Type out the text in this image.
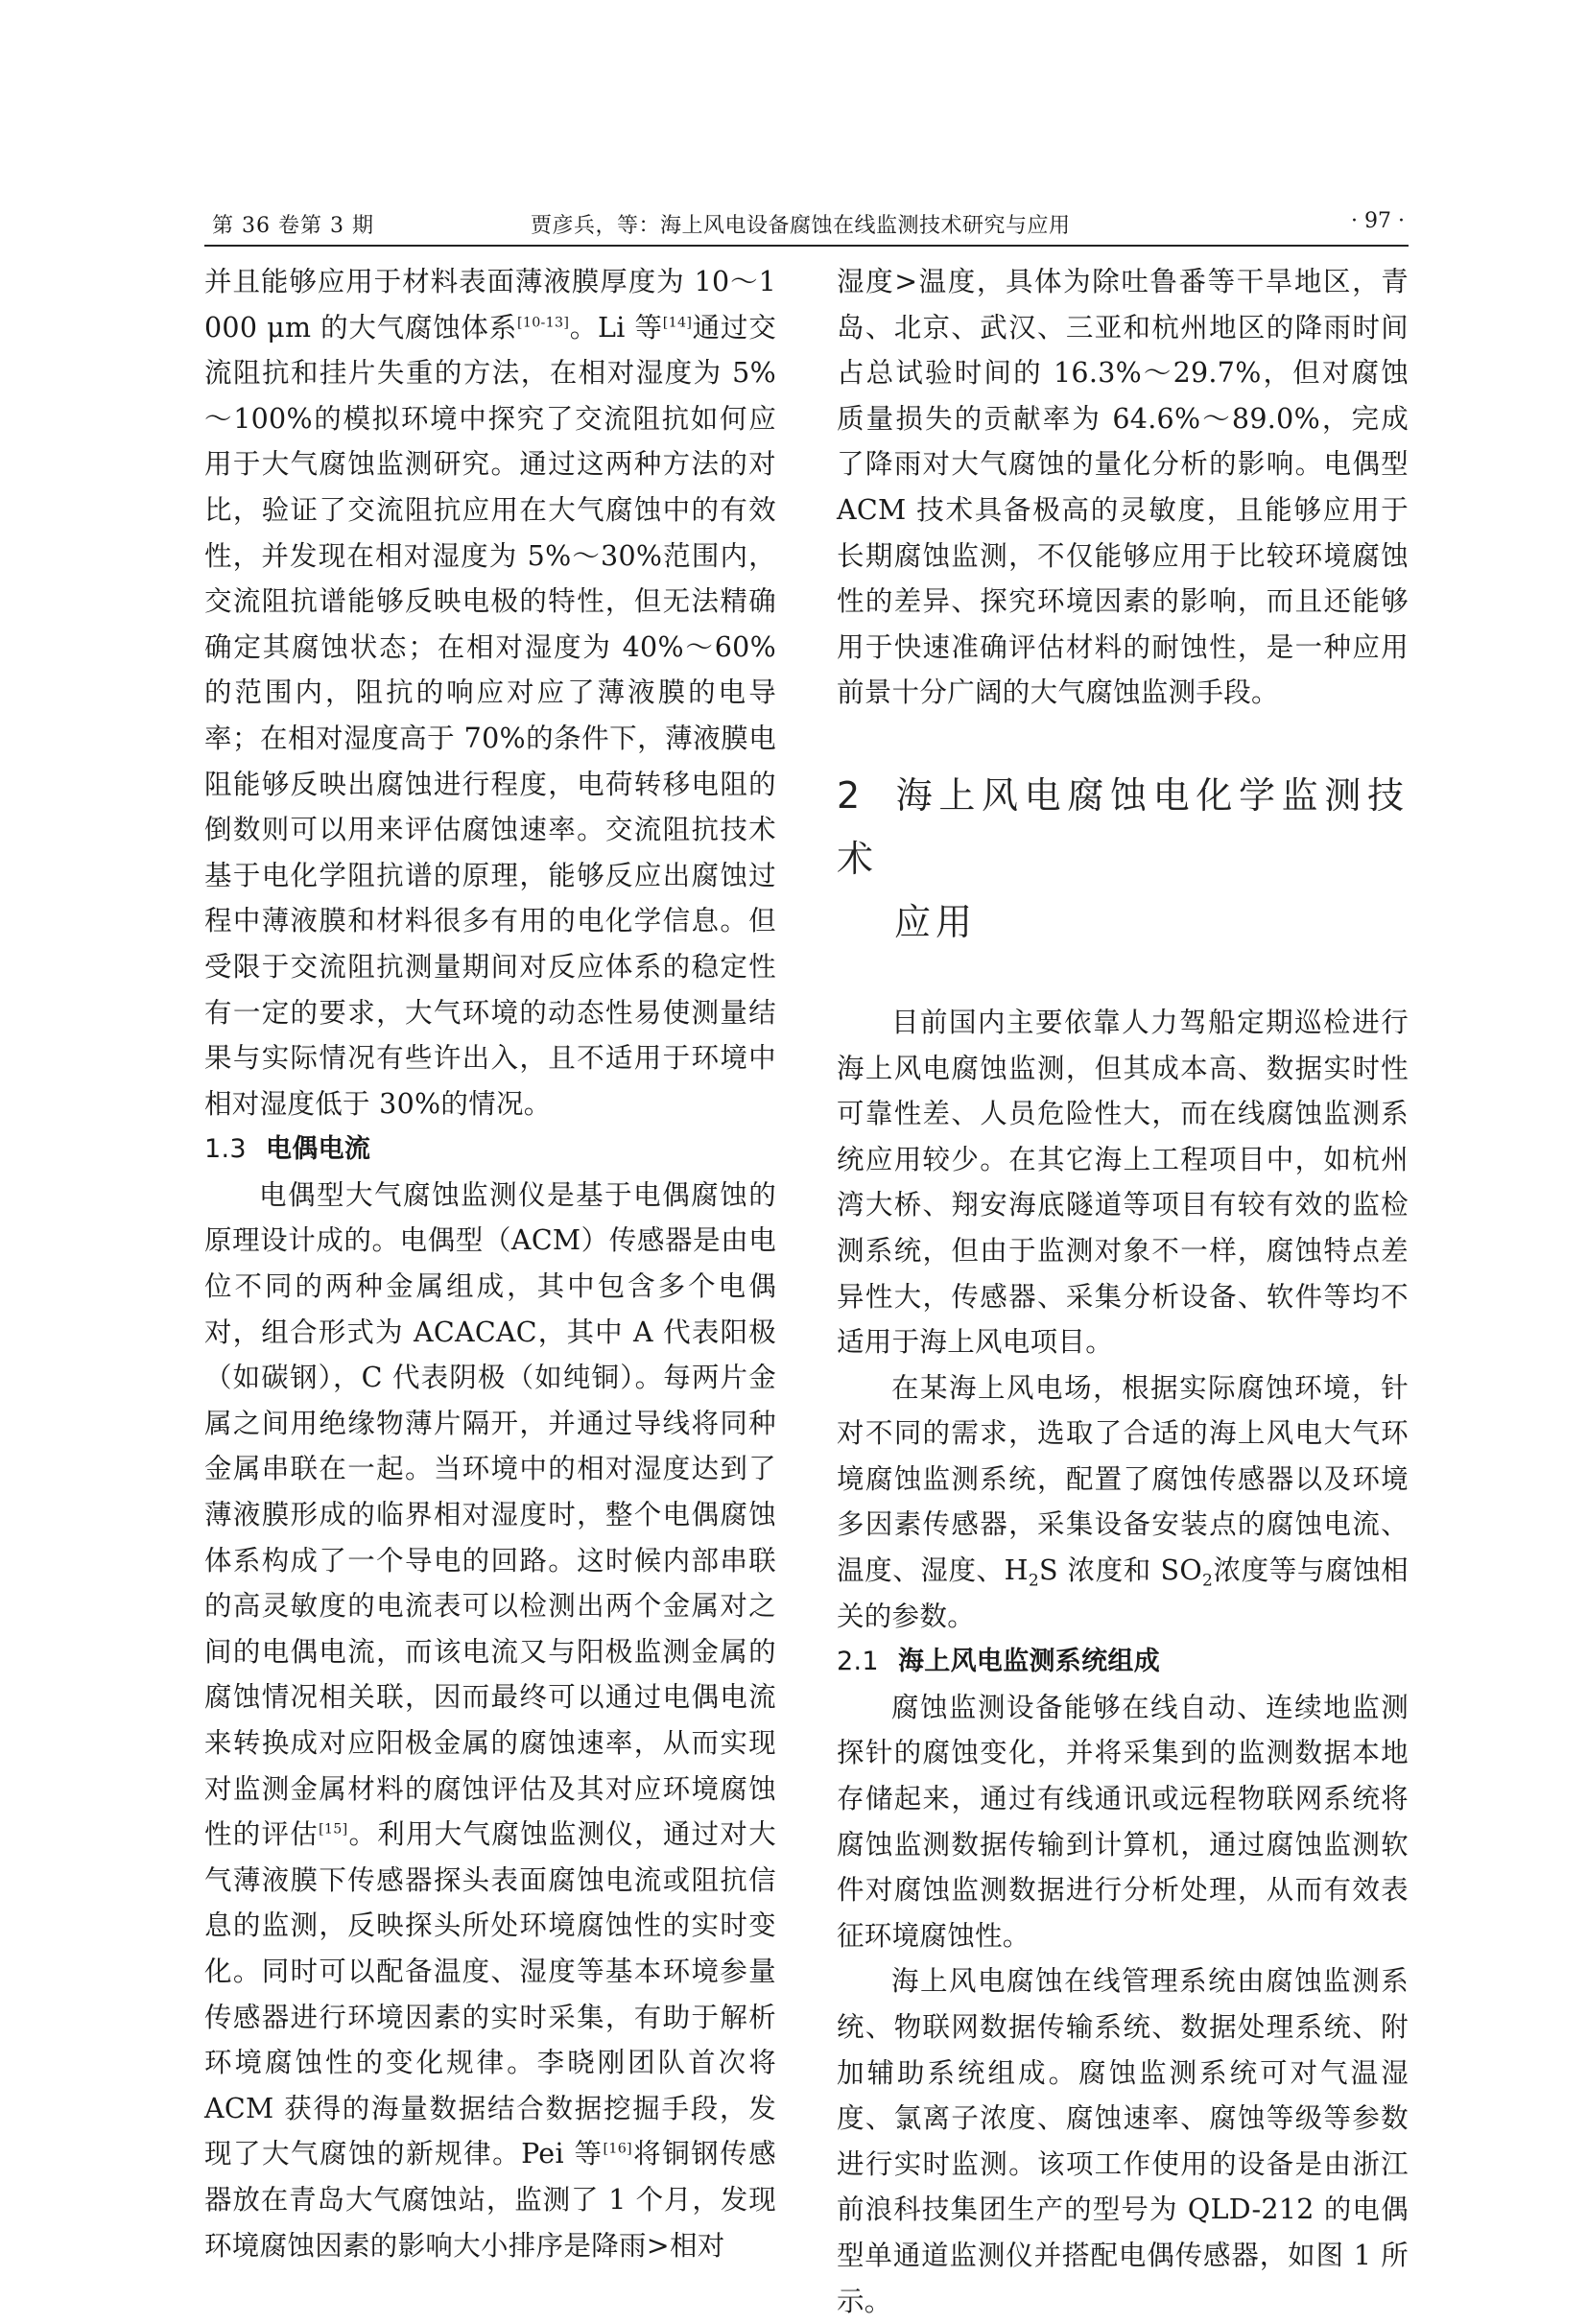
第 36 卷第 3 期	贾彦兵，等：海上风电设备腐蚀在线监测技术研究与应用	· 97 ·

并且能够应用于材料表面薄液膜厚度为 10～1 000 μm 的大气腐蚀体系[10-13]。Li 等[14]通过交流阻抗和挂片失重的方法，在相对湿度为 5%～100%的模拟环境中探究了交流阻抗如何应用于大气腐蚀监测研究。通过这两种方法的对比，验证了交流阻抗应用在大气腐蚀中的有效性，并发现在相对湿度为 5%～30%范围内，交流阻抗谱能够反映电极的特性，但无法精确确定其腐蚀状态；在相对湿度为 40%～60%的范围内，阻抗的响应对应了薄液膜的电导率；在相对湿度高于 70%的条件下，薄液膜电阻能够反映出腐蚀进行程度，电荷转移电阻的倒数则可以用来评估腐蚀速率。交流阻抗技术基于电化学阻抗谱的原理，能够反应出腐蚀过程中薄液膜和材料很多有用的电化学信息。但受限于交流阻抗测量期间对反应体系的稳定性有一定的要求，大气环境的动态性易使测量结果与实际情况有些许出入，且不适用于环境中相对湿度低于 30%的情况。

1.3 电偶电流

电偶型大气腐蚀监测仪是基于电偶腐蚀的原理设计成的。电偶型（ACM）传感器是由电位不同的两种金属组成，其中包含多个电偶对，组合形式为 ACACAC，其中 A 代表阳极（如碳钢），C 代表阴极（如纯铜）。每两片金属之间用绝缘物薄片隔开，并通过导线将同种金属串联在一起。当环境中的相对湿度达到了薄液膜形成的临界相对湿度时，整个电偶腐蚀体系构成了一个导电的回路。这时候内部串联的高灵敏度的电流表可以检测出两个金属对之间的电偶电流，而该电流又与阳极监测金属的腐蚀情况相关联，因而最终可以通过电偶电流来转换成对应阳极金属的腐蚀速率，从而实现对监测金属材料的腐蚀评估及其对应环境腐蚀性的评估[15]。利用大气腐蚀监测仪，通过对大气薄液膜下传感器探头表面腐蚀电流或阻抗信息的监测，反映探头所处环境腐蚀性的实时变化。同时可以配备温度、湿度等基本环境参量传感器进行环境因素的实时采集，有助于解析环境腐蚀性的变化规律。李晓刚团队首次将 ACM 获得的海量数据结合数据挖掘手段，发现了大气腐蚀的新规律。Pei 等[16]将铜钢传感器放在青岛大气腐蚀站，监测了 1 个月，发现环境腐蚀因素的影响大小排序是降雨>相对

湿度>温度，具体为除吐鲁番等干旱地区，青岛、北京、武汉、三亚和杭州地区的降雨时间占总试验时间的 16.3%～29.7%，但对腐蚀质量损失的贡献率为 64.6%～89.0%，完成了降雨对大气腐蚀的量化分析的影响。电偶型 ACM 技术具备极高的灵敏度，且能够应用于长期腐蚀监测，不仅能够应用于比较环境腐蚀性的差异、探究环境因素的影响，而且还能够用于快速准确评估材料的耐蚀性，是一种应用前景十分广阔的大气腐蚀监测手段。

2 海上风电腐蚀电化学监测技术
应用

目前国内主要依靠人力驾船定期巡检进行海上风电腐蚀监测，但其成本高、数据实时性可靠性差、人员危险性大，而在线腐蚀监测系统应用较少。在其它海上工程项目中，如杭州湾大桥、翔安海底隧道等项目有较有效的监检测系统，但由于监测对象不一样，腐蚀特点差异性大，传感器、采集分析设备、软件等均不适用于海上风电项目。

在某海上风电场，根据实际腐蚀环境，针对不同的需求，选取了合适的海上风电大气环境腐蚀监测系统，配置了腐蚀传感器以及环境多因素传感器，采集设备安装点的腐蚀电流、温度、湿度、$H_2S$ 浓度和 $SO_2$浓度等与腐蚀相关的参数。

2.1 海上风电监测系统组成

腐蚀监测设备能够在线自动、连续地监测探针的腐蚀变化，并将采集到的监测数据本地存储起来，通过有线通讯或远程物联网系统将腐蚀监测数据传输到计算机，通过腐蚀监测软件对腐蚀监测数据进行分析处理，从而有效表征环境腐蚀性。

海上风电腐蚀在线管理系统由腐蚀监测系统、物联网数据传输系统、数据处理系统、附加辅助系统组成。腐蚀监测系统可对气温湿度、氯离子浓度、腐蚀速率、腐蚀等级等参数进行实时监测。该项工作使用的设备是由浙江前浪科技集团生产的型号为 QLD-212 的电偶型单通道监测仪并搭配电偶传感器，如图 1 所示。
